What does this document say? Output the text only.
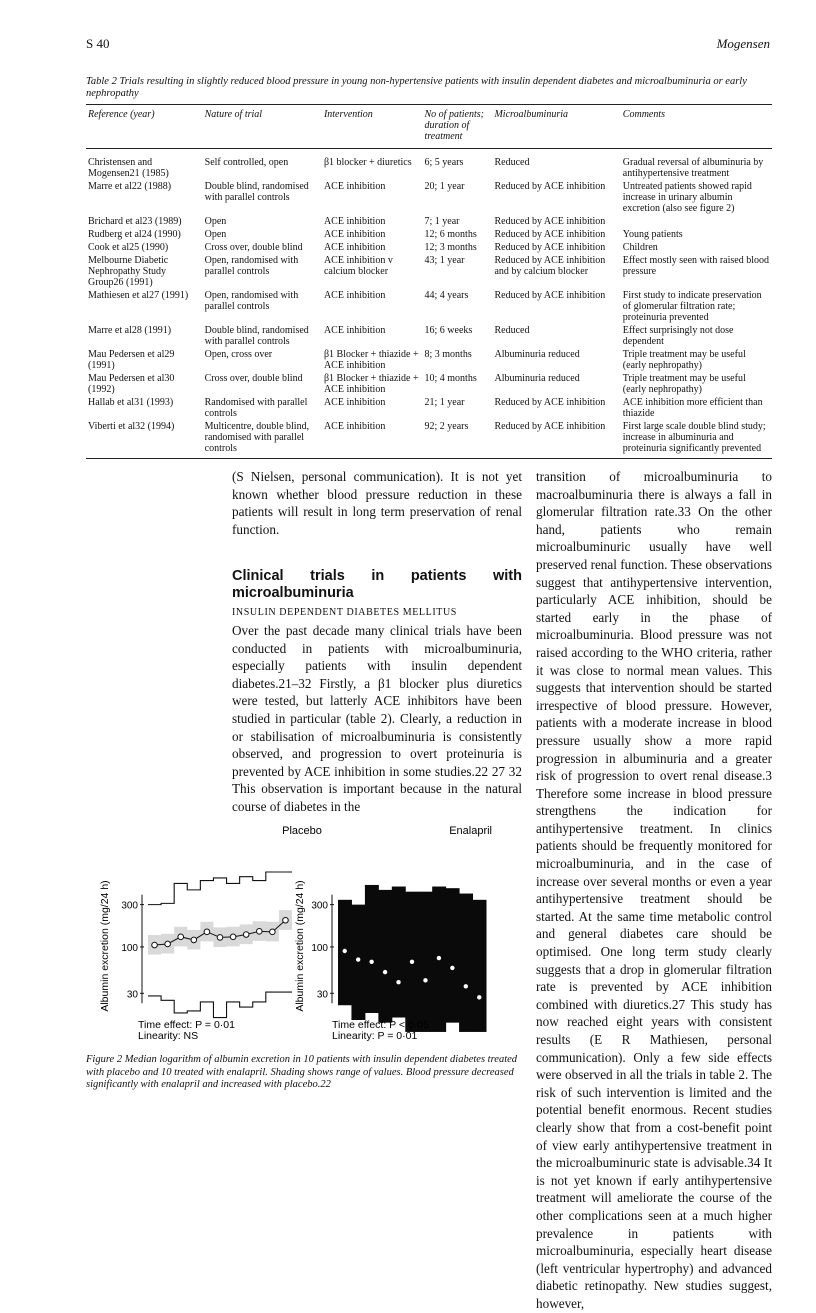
S 40	Mogensen
Table 2 Trials resulting in slightly reduced blood pressure in young non-hypertensive patients with insulin dependent diabetes and microalbuminuria or early nephropathy
Reference (year)	Nature of trial	Intervention	No of patients; duration of treatment	Microalbuminuria	Comments
Christensen and Mogensen21 (1985)	Self controlled, open	β1 blocker + diuretics	6; 5 years	Reduced	Gradual reversal of albuminuria by antihypertensive treatment
Marre et al22 (1988)	Double blind, randomised with parallel controls	ACE inhibition	20; 1 year	Reduced by ACE inhibition	Untreated patients showed rapid increase in urinary albumin excretion (also see figure 2)
Brichard et al23 (1989)	Open	ACE inhibition	7; 1 year	Reduced by ACE inhibition	
Rudberg et al24 (1990)	Open	ACE inhibition	12; 6 months	Reduced by ACE inhibition	Young patients
Cook et al25 (1990)	Cross over, double blind	ACE inhibition	12; 3 months	Reduced by ACE inhibition	Children
Melbourne Diabetic Nephropathy Study Group26 (1991)	Open, randomised with parallel controls	ACE inhibition v calcium blocker	43; 1 year	Reduced by ACE inhibition and by calcium blocker	Effect mostly seen with raised blood pressure
Mathiesen et al27 (1991)	Open, randomised with parallel controls	ACE inhibition	44; 4 years	Reduced by ACE inhibition	First study to indicate preservation of glomerular filtration rate; proteinuria prevented
Marre et al28 (1991)	Double blind, randomised with parallel controls	ACE inhibition	16; 6 weeks	Reduced	Effect surprisingly not dose dependent
Mau Pedersen et al29 (1991)	Open, cross over	β1 Blocker + thiazide + ACE inhibition	8; 3 months	Albuminuria reduced	Triple treatment may be useful (early nephropathy)
Mau Pedersen et al30 (1992)	Cross over, double blind	β1 Blocker + thiazide + ACE inhibition	10; 4 months	Albuminuria reduced	Triple treatment may be useful (early nephropathy)
Hallab et al31 (1993)	Randomised with parallel controls	ACE inhibition	21; 1 year	Reduced by ACE inhibition	ACE inhibition more efficient than thiazide
Viberti et al32 (1994)	Multicentre, double blind, randomised with parallel controls	ACE inhibition	92; 2 years	Reduced by ACE inhibition	First large scale double blind study; increase in albuminuria and proteinuria significantly prevented

(S Nielsen, personal communication). It is not yet known whether blood pressure reduction in these patients will result in long term preservation of renal function.

Clinical trials in patients with microalbuminuria

INSULIN DEPENDENT DIABETES MELLITUS

Over the past decade many clinical trials have been conducted in patients with microalbuminuria, especially patients with insulin dependent diabetes.21–32 Firstly, a β1 blocker plus diuretics were tested, but latterly ACE inhibitors have been studied in particular (table 2). Clearly, a reduction in or stabilisation of microalbuminuria is consistently observed, and progression to overt proteinuria is prevented by ACE inhibition in some studies.22 27 32 This observation is important because in the natural course of diabetes in the

transition of microalbuminuria to macroalbuminuria there is always a fall in glomerular filtration rate.33 On the other hand, patients who remain microalbuminuric usually have well preserved renal function. These observations suggest that antihypertensive intervention, particularly ACE inhibition, should be started early in the phase of microalbuminuria. Blood pressure was not raised according to the WHO criteria, rather it was close to normal mean values. This suggests that intervention should be started irrespective of blood pressure. However, patients with a moderate increase in blood pressure usually show a more rapid progression in albuminuria and a greater risk of progression to overt renal disease.3 Therefore some increase in blood pressure strengthens the indication for antihypertensive treatment. In clinics patients should be frequently monitored for microalbuminuria, and in the case of increase over several months or even a year antihypertensive treatment should be started. At the same time metabolic control and general diabetes care should be optimised. One long term study clearly suggests that a drop in glomerular filtration rate is prevented by ACE inhibition combined with diuretics.27 This study has now reached eight years with consistent results (E R Mathiesen, personal communication). Only a few side effects were observed in all the trials in table 2. The risk of such intervention is limited and the potential benefit enormous. Recent studies clearly show that from a cost-benefit point of view early antihypertensive treatment in the microalbuminuric state is advisable.34 It is not yet known if early antihypertensive treatment will ameliorate the course of the other complications seen at a much higher prevalence in patients with microalbuminuria, especially heart disease (left ventricular hypertrophy) and advanced diabetic retinopathy. New studies suggest, however,

Placebo
Albumin excretion (mg/24 h) 30
100
300
Time effect: P = 0·01
Linearity: NS
Enalapril
Albumin excretion (mg/24 h) 30
100
300
Time effect: P < 0·05
Linearity: P = 0·01
Figure 2 Median logarithm of albumin excretion in 10 patients with insulin dependent diabetes treated with placebo and 10 treated with enalapril. Shading shows range of values. Blood pressure decreased significantly with enalapril and increased with placebo.22
